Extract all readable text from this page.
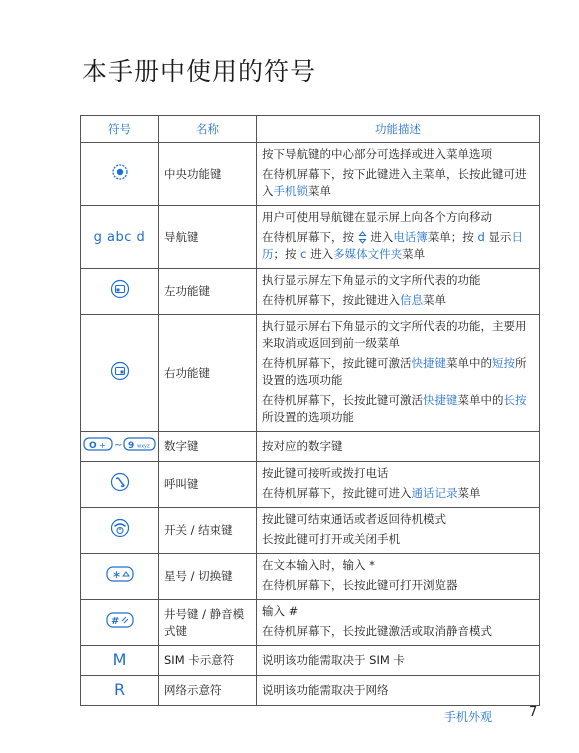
本手册中使用的符号
符号	名称	功能描述
	中央功能键	按下导航键的中心部分可选择或进入菜单选项

在待机屏幕下，按下此键进入主菜单，长按此键可进入手机锁菜单

g abc d	导航键	用户可使用导航键在显示屏上向各个方向移动

在待机屏幕下，按  进入电话簿菜单；按 d 显示日历；按 c 进入多媒体文件夹菜单

	左功能键	执行显示屏左下角显示的文字所代表的功能

在待机屏幕下，按此键进入信息菜单

	右功能键	执行显示屏右下角显示的文字所代表的功能，主要用来取消或返回到前一级菜单

在待机屏幕下，按此键可激活快捷键菜单中的短按所设置的选项功能

在待机屏幕下，长按此键可激活快捷键菜单中的长按所设置的选项功能

O + ~ 9 wxyz	数字键	按对应的数字键

	呼叫键	按此键可接听或拨打电话

在待机屏幕下，按此键可进入通话记录菜单

	开关 / 结束键	按此键可结束通话或者返回待机模式

长按此键可打开或关闭手机

∗	星号 / 切换键	在文本输入时，输入 *

在待机屏幕下，长按此键可打开浏览器

#	井号键 / 静音模式键	输入 #

在待机屏幕下，长按此键激活或取消静音模式

M	SIM 卡示意符	说明该功能需取决于 SIM 卡

R	网络示意符	说明该功能需取决于网络

手机外观	7
